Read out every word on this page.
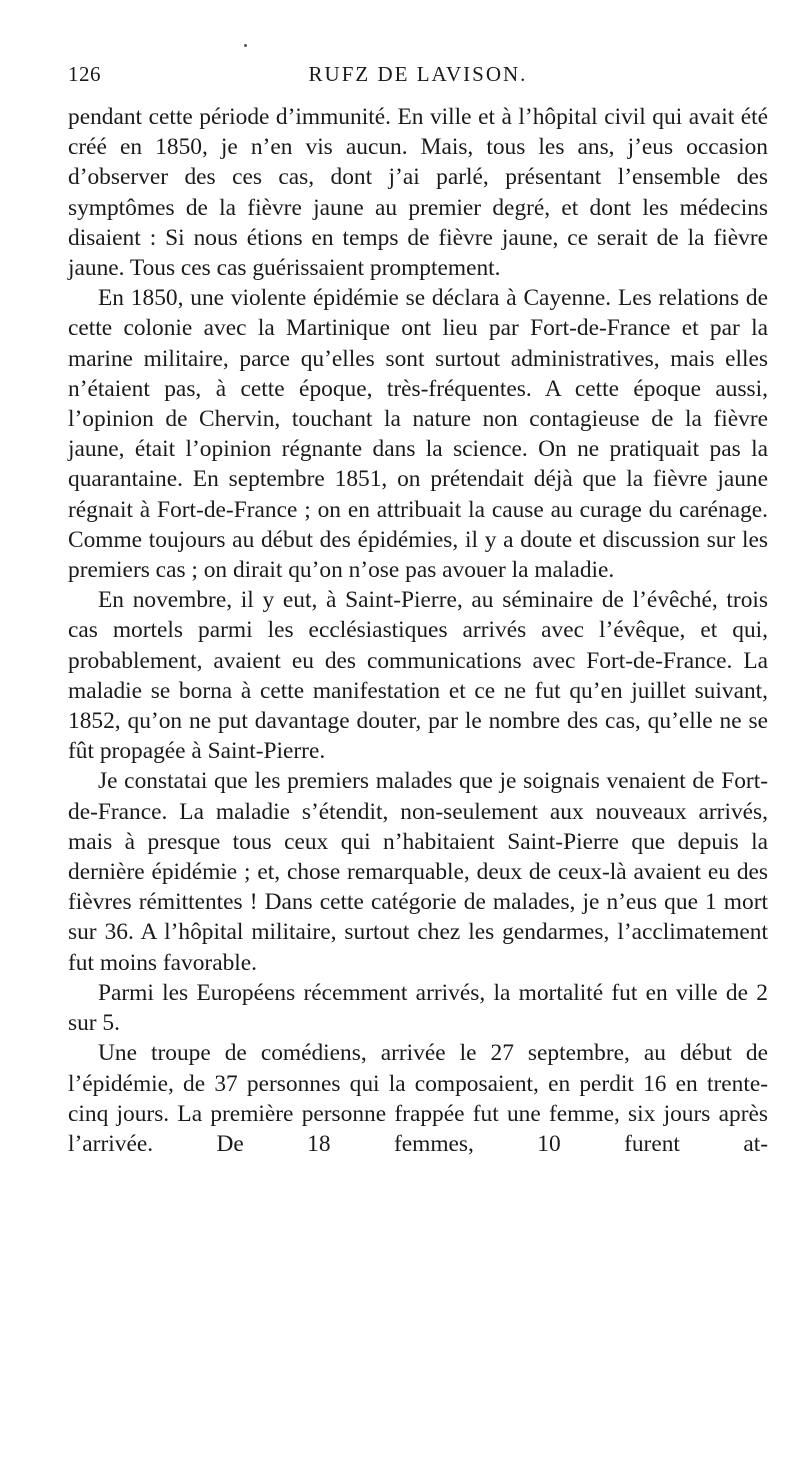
126	RUFZ DE LAVISON.

pendant cette période d’immunité. En ville et à l’hôpital civil qui avait été créé en 1850, je n’en vis aucun. Mais, tous les ans, j’eus occasion d’observer des ces cas, dont j’ai parlé, présentant l’ensemble des symptômes de la fièvre jaune au premier degré, et dont les médecins disaient : Si nous étions en temps de fièvre jaune, ce serait de la fièvre jaune. Tous ces cas guérissaient promptement.

En 1850, une violente épidémie se déclara à Cayenne. Les relations de cette colonie avec la Martinique ont lieu par Fort-de-France et par la marine militaire, parce qu’elles sont surtout administratives, mais elles n’étaient pas, à cette époque, très-fréquentes. A cette époque aussi, l’opinion de Chervin, touchant la nature non contagieuse de la fièvre jaune, était l’opinion régnante dans la science. On ne pratiquait pas la quarantaine. En septembre 1851, on prétendait déjà que la fièvre jaune régnait à Fort-de-France ; on en attribuait la cause au curage du carénage. Comme toujours au début des épidémies, il y a doute et discussion sur les premiers cas ; on dirait qu’on n’ose pas avouer la maladie.

En novembre, il y eut, à Saint-Pierre, au séminaire de l’évêché, trois cas mortels parmi les ecclésiastiques arrivés avec l’évêque, et qui, probablement, avaient eu des communications avec Fort-de-France. La maladie se borna à cette manifestation et ce ne fut qu’en juillet suivant, 1852, qu’on ne put davantage douter, par le nombre des cas, qu’elle ne se fût propagée à Saint-Pierre.

Je constatai que les premiers malades que je soignais venaient de Fort-de-France. La maladie s’étendit, non-seulement aux nouveaux arrivés, mais à presque tous ceux qui n’habitaient Saint-Pierre que depuis la dernière épidémie ; et, chose remarquable, deux de ceux-là avaient eu des fièvres rémittentes ! Dans cette catégorie de malades, je n’eus que 1 mort sur 36. A l’hôpital militaire, surtout chez les gendarmes, l’acclimatement fut moins favorable.

Parmi les Européens récemment arrivés, la mortalité fut en ville de 2 sur 5.

Une troupe de comédiens, arrivée le 27 septembre, au début de l’épidémie, de 37 personnes qui la composaient, en perdit 16 en trente-cinq jours. La première personne frappée fut une femme, six jours après l’arrivée. De 18 femmes, 10 furent at-
